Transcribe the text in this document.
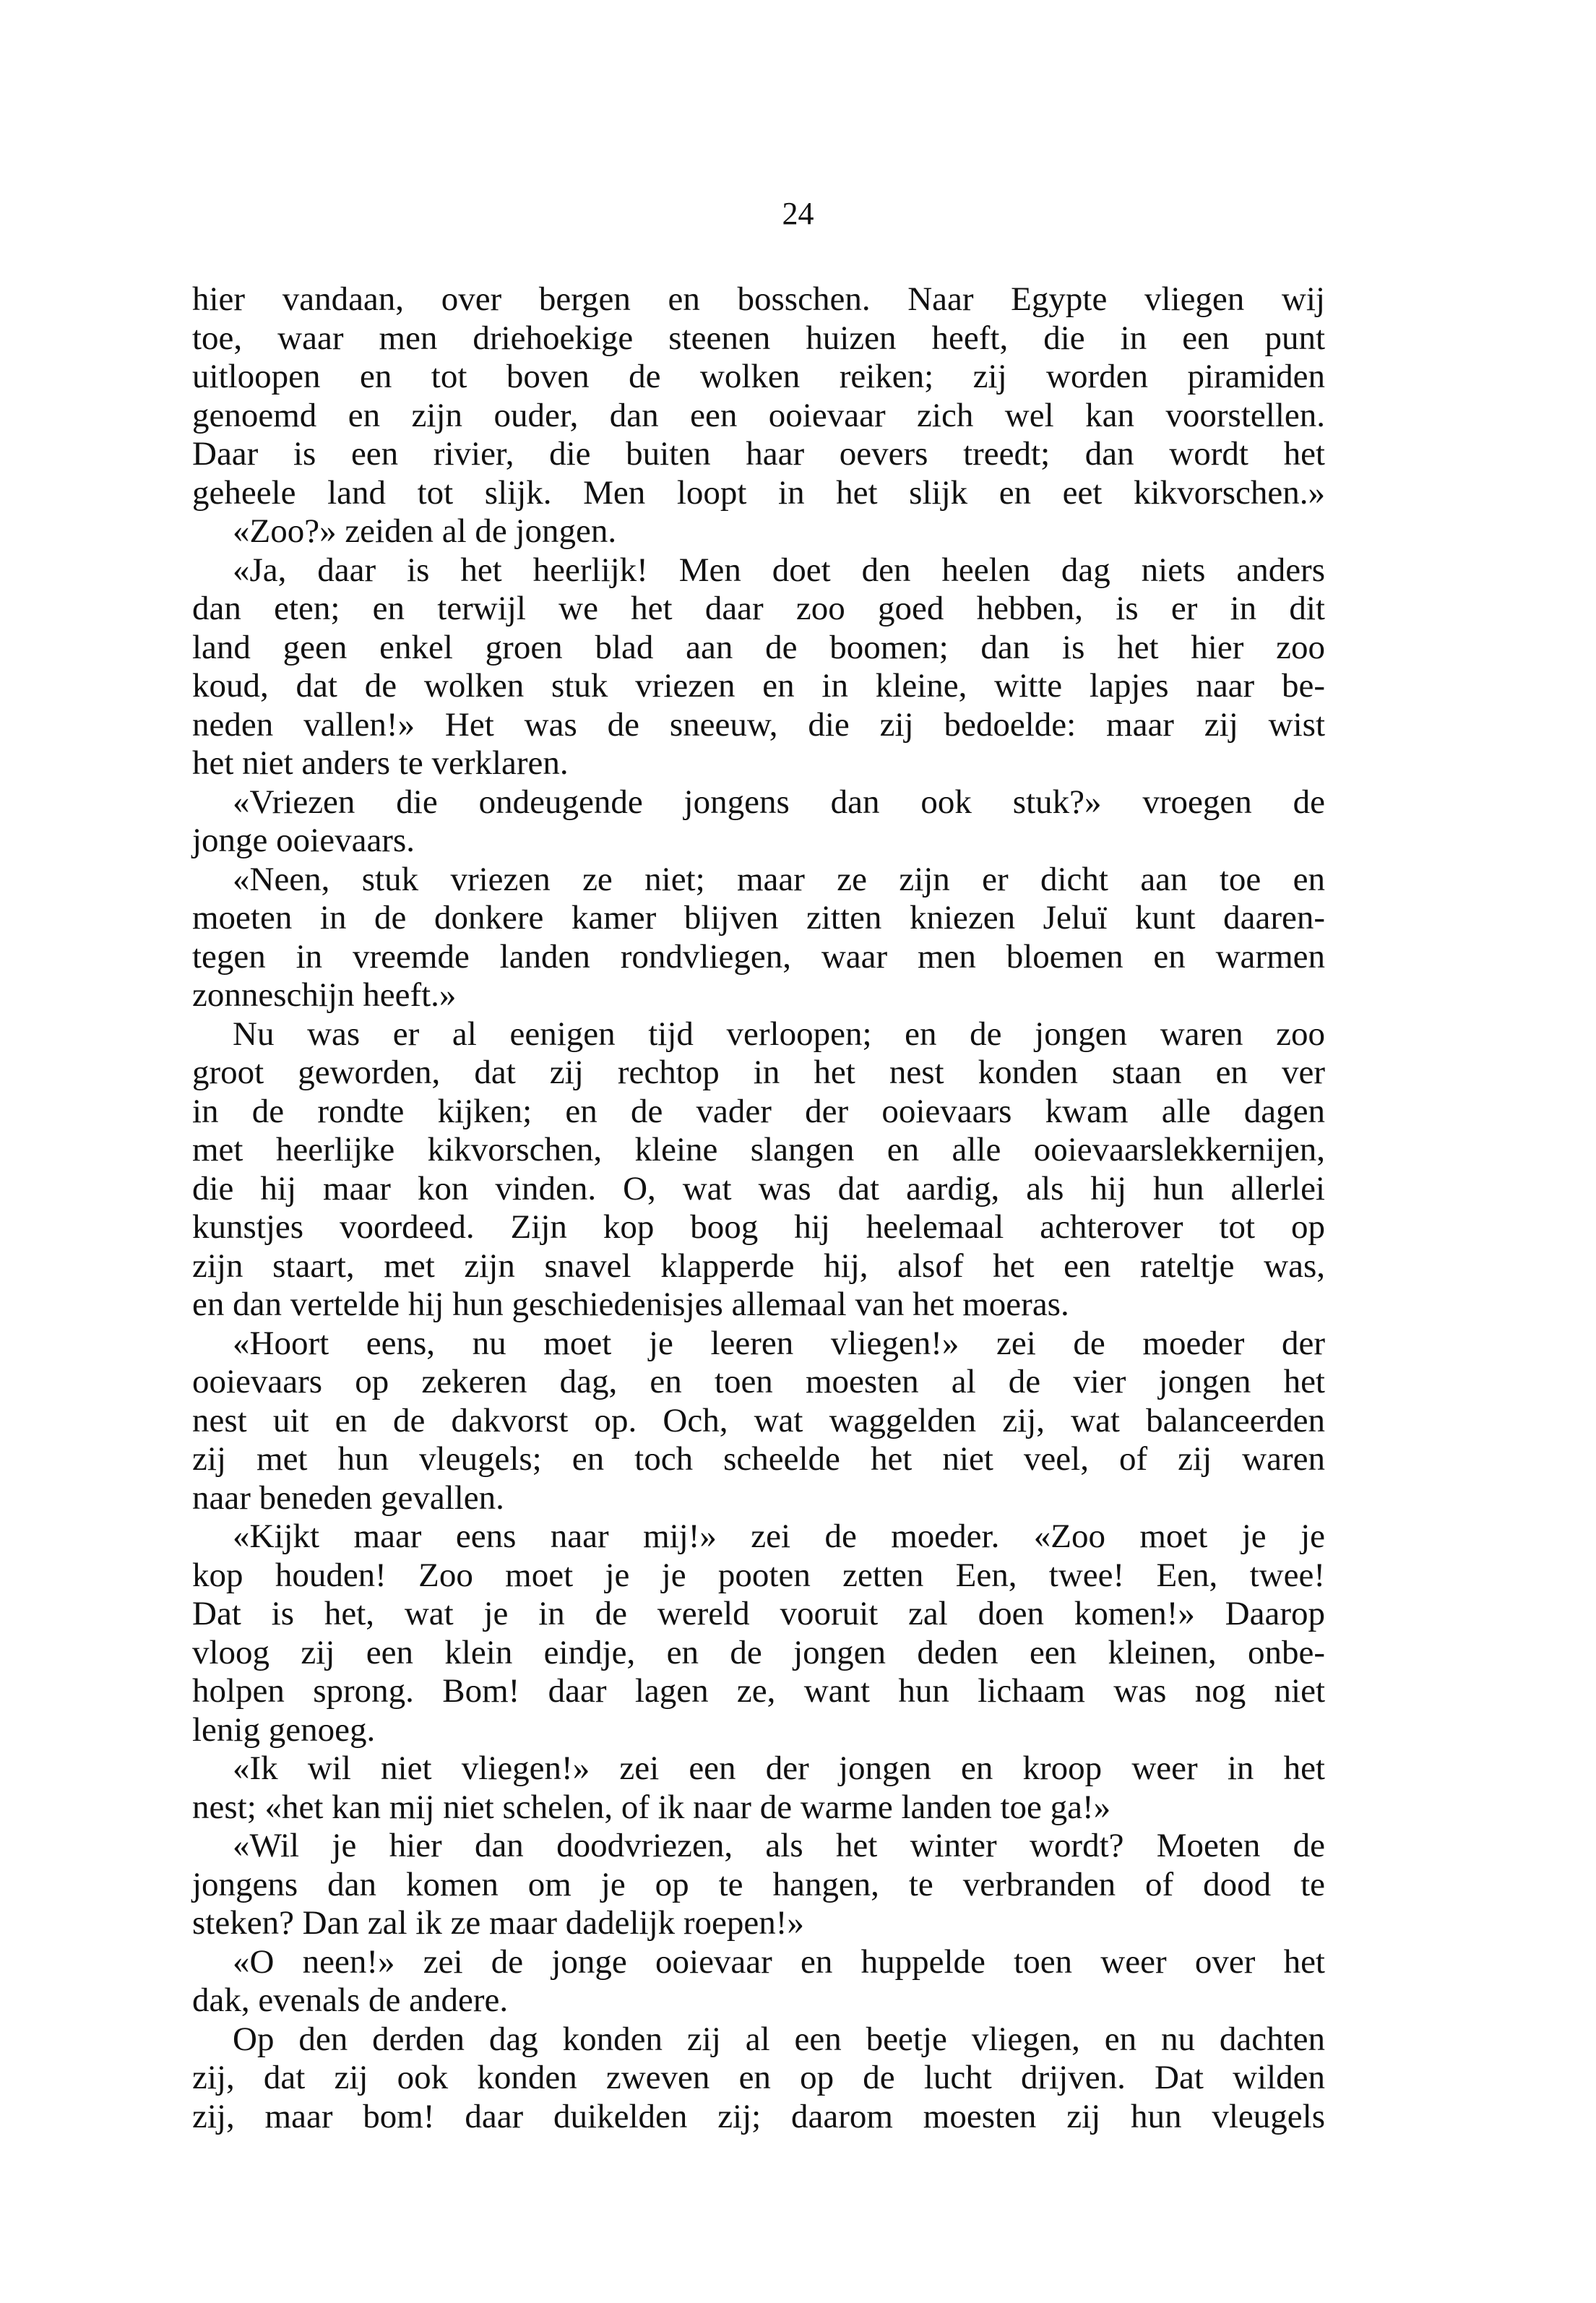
24
hier vandaan, over bergen en bosschen. Naar Egypte vliegen wij
toe, waar men driehoekige steenen huizen heeft, die in een punt
uitloopen en tot boven de wolken reiken; zij worden piramiden
genoemd en zijn ouder, dan een ooievaar zich wel kan voorstellen.
Daar is een rivier, die buiten haar oevers treedt; dan wordt het
geheele land tot slijk. Men loopt in het slijk en eet kikvorschen.»
«Zoo?» zeiden al de jongen.
«Ja, daar is het heerlijk! Men doet den heelen dag niets anders
dan eten; en terwijl we het daar zoo goed hebben, is er in dit
land geen enkel groen blad aan de boomen; dan is het hier zoo
koud, dat de wolken stuk vriezen en in kleine, witte lapjes naar be-
neden vallen!» Het was de sneeuw, die zij bedoelde: maar zij wist
het niet anders te verklaren.
«Vriezen die ondeugende jongens dan ook stuk?» vroegen de
jonge ooievaars.
«Neen, stuk vriezen ze niet; maar ze zijn er dicht aan toe en
moeten in de donkere kamer blijven zitten kniezen Jeluï kunt daaren-
tegen in vreemde landen rondvliegen, waar men bloemen en warmen
zonneschijn heeft.»
Nu was er al eenigen tijd verloopen; en de jongen waren zoo
groot geworden, dat zij rechtop in het nest konden staan en ver
in de rondte kijken; en de vader der ooievaars kwam alle dagen
met heerlijke kikvorschen, kleine slangen en alle ooievaarslekkernijen,
die hij maar kon vinden. O, wat was dat aardig, als hij hun allerlei
kunstjes voordeed. Zijn kop boog hij heelemaal achterover tot op
zijn staart, met zijn snavel klapperde hij, alsof het een rateltje was,
en dan vertelde hij hun geschiedenisjes allemaal van het moeras.
«Hoort eens, nu moet je leeren vliegen!» zei de moeder der
ooievaars op zekeren dag, en toen moesten al de vier jongen het
nest uit en de dakvorst op. Och, wat waggelden zij, wat balanceerden
zij met hun vleugels; en toch scheelde het niet veel, of zij waren
naar beneden gevallen.
«Kijkt maar eens naar mij!» zei de moeder. «Zoo moet je je
kop houden! Zoo moet je je pooten zetten Een, twee! Een, twee!
Dat is het, wat je in de wereld vooruit zal doen komen!» Daarop
vloog zij een klein eindje, en de jongen deden een kleinen, onbe-
holpen sprong. Bom! daar lagen ze, want hun lichaam was nog niet
lenig genoeg.
«Ik wil niet vliegen!» zei een der jongen en kroop weer in het
nest; «het kan mij niet schelen, of ik naar de warme landen toe ga!»
«Wil je hier dan doodvriezen, als het winter wordt? Moeten de
jongens dan komen om je op te hangen, te verbranden of dood te
steken? Dan zal ik ze maar dadelijk roepen!»
«O neen!» zei de jonge ooievaar en huppelde toen weer over het
dak, evenals de andere.
Op den derden dag konden zij al een beetje vliegen, en nu dachten
zij, dat zij ook konden zweven en op de lucht drijven. Dat wilden
zij, maar bom! daar duikelden zij; daarom moesten zij hun vleugels
